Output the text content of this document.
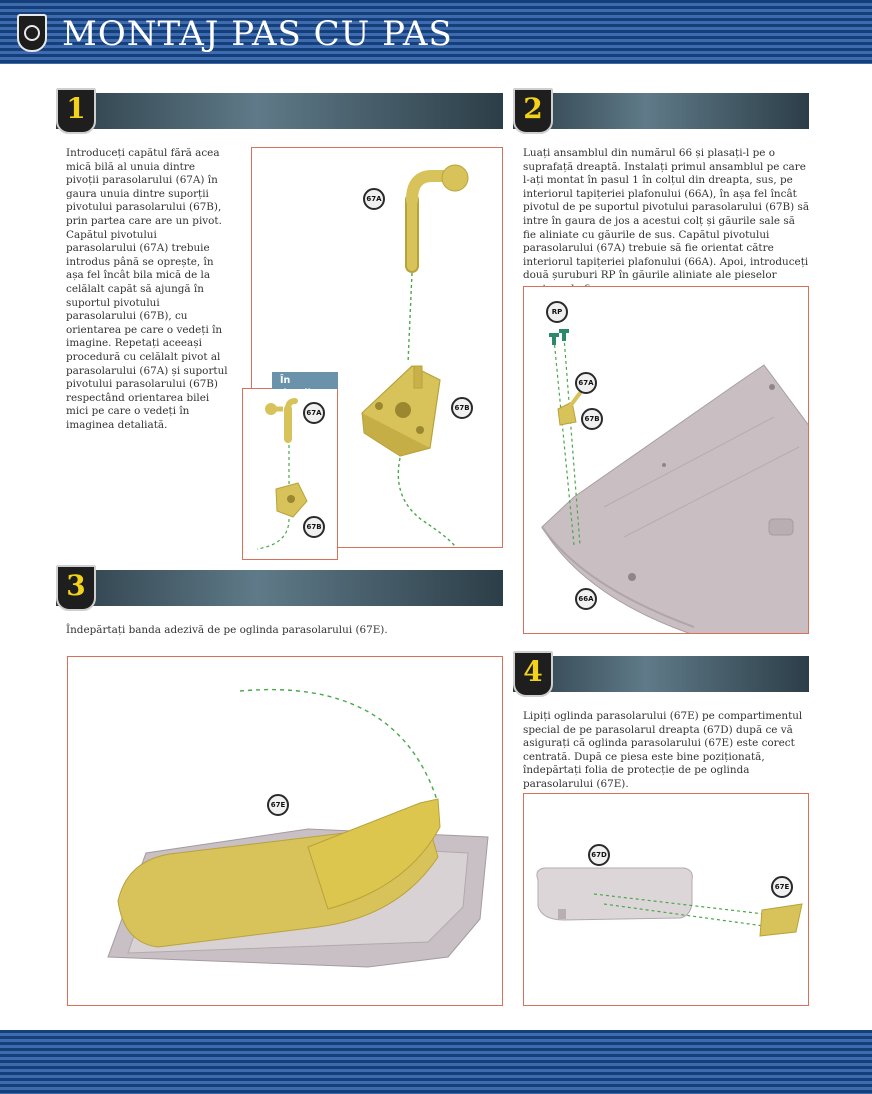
MONTAJ PAS CU PAS
1
Introduceți capătul fără acea mică bilă al unuia dintre pivoții parasolarului (67A) în gaura unuia dintre suporții pivotului parasolarului (67B), prin partea care are un pivot. Capătul pivotului parasolarului (67A) trebuie introdus până se oprește, în așa fel încât bila mică de la celălalt capăt să ajungă în suportul pivotului parasolarului (67B), cu orientarea pe care o vedeți în imagine. Repetați aceeași procedură cu celălalt pivot al parasolarului (67A) și suportul pivotului parasolarului (67B) respectând orientarea bilei mici pe care o vedeți în imaginea detaliată.
67A
67B
67A
67B
În detaliu
2
Luați ansamblul din numărul 66 și plasați-l pe o suprafață dreaptă. Instalați primul ansamblul pe care l-ați montat în pasul 1 în colțul din dreapta, sus, pe interiorul tapițeriei plafonului (66A), în așa fel încât pivotul de pe suportul pivotului parasolarului (67B) să intre în gaura de jos a acestui colț și găurile sale să fie aliniate cu găurile de sus. Capătul pivotului parasolarului (67A) trebuie să fie orientat către interiorul tapițeriei plafonului (66A). Apoi, introduceți două șuruburi RP în găurile aliniate ale pieselor
RP
67A
67B
66A
3
Îndepărtați banda adezivă de pe oglinda parasolarului (67E).
67E
4
Lipiți oglinda parasolarului (67E) pe compartimentul special de pe parasolarul dreapta (67D) după ce vă asigurați că oglinda parasolarului (67E) este corect centrată. După ce piesa este bine poziționată, îndepărtați folia de protecție de pe oglinda parasolarului (67E).
67D
67E
